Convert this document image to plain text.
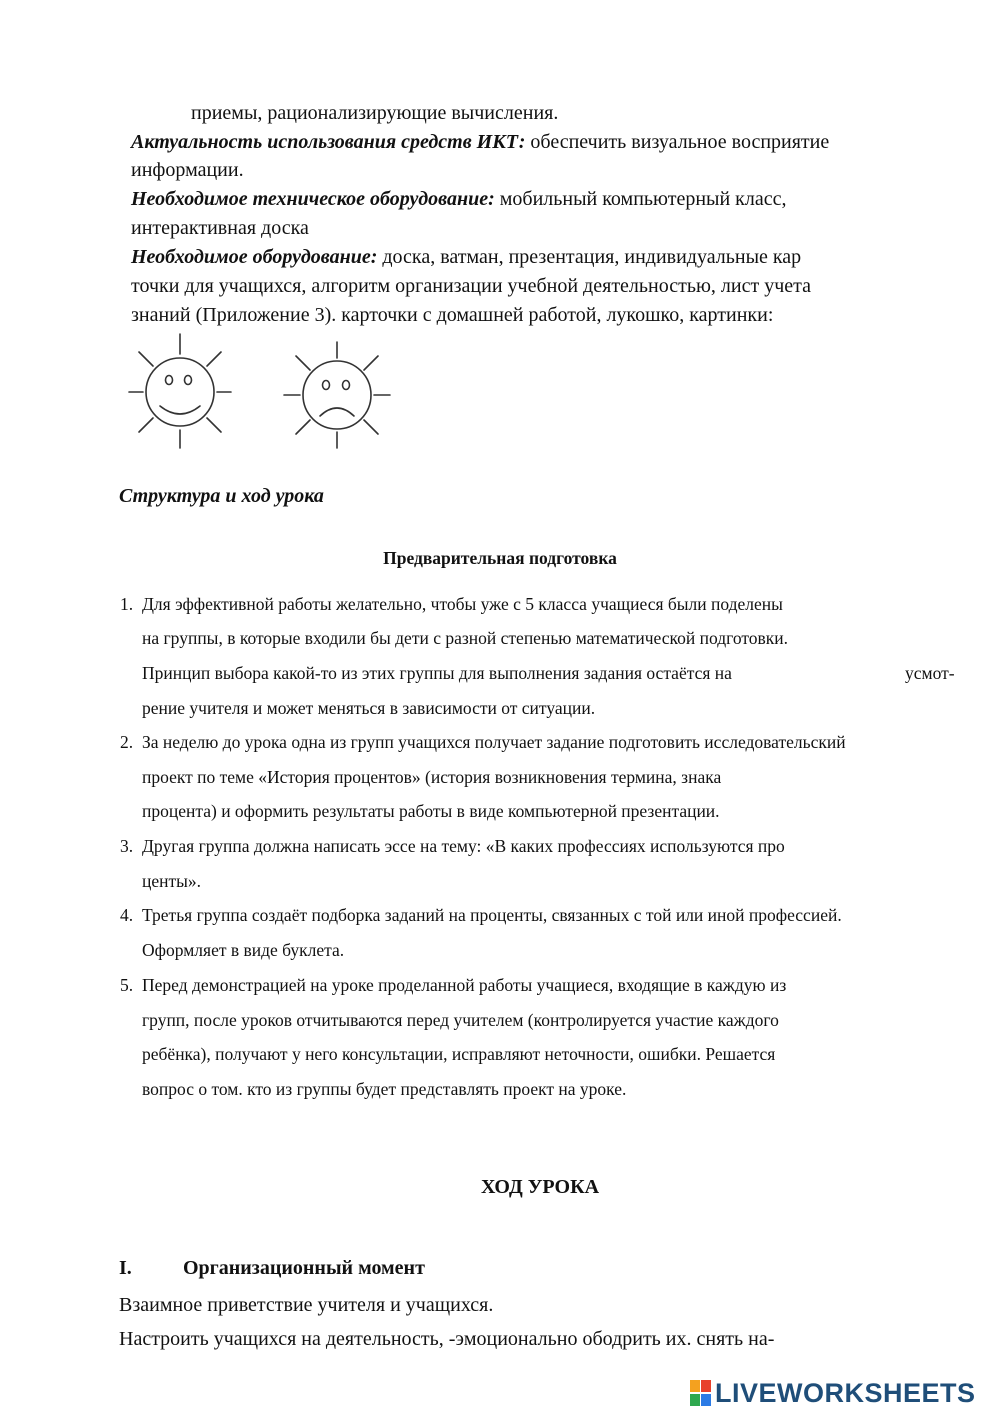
приемы, рационализирующие вычисления.
Актуальность использования средств ИКТ: обеспечить визуальное восприятие
информации.
Необходимое техническое оборудование: мобильный компьютерный класс,
интерактивная доска
Необходимое оборудование: доска, ватман, презентация, индивидуальные кар
точки для учащихся, алгоритм организации учебной деятельностью, лист учета
знаний (Приложение 3). карточки с домашней работой, лукошко, картинки:
Структура и ход урока
Предварительная подготовка
1. Для эффективной работы желательно, чтобы уже с 5 класса учащиеся были поделены
на группы, в которые входили бы дети с разной степенью математической подготовки.
Принцип выбора какой-то из этих группы для выполнения задания остаётся на	усмот-
рение учителя и может меняться в зависимости от ситуации.
2. За неделю до урока одна из групп учащихся получает задание подготовить исследовательский
проект по теме «История процентов» (история возникновения термина, знака
процента) и оформить результаты работы в виде компьютерной презентации.
3. Другая группа должна написать эссе на тему: «В каких профессиях используются про
центы».
4. Третья группа создаёт подборка заданий на проценты, связанных с той или иной профессией.
Оформляет в виде буклета.
5. Перед демонстрацией на уроке проделанной работы учащиеся, входящие в каждую из
групп, после уроков отчитываются перед учителем (контролируется участие каждого
ребёнка), получают у него консультации, исправляют неточности, ошибки. Решается
вопрос о том. кто из группы будет представлять проект на уроке.
ХОД УРОКА
I.	Организационный момент
Взаимное приветствие учителя и учащихся.
Настроить учащихся на деятельность, -эмоционально ободрить их. снять на-
LIVEWORKSHEETS
